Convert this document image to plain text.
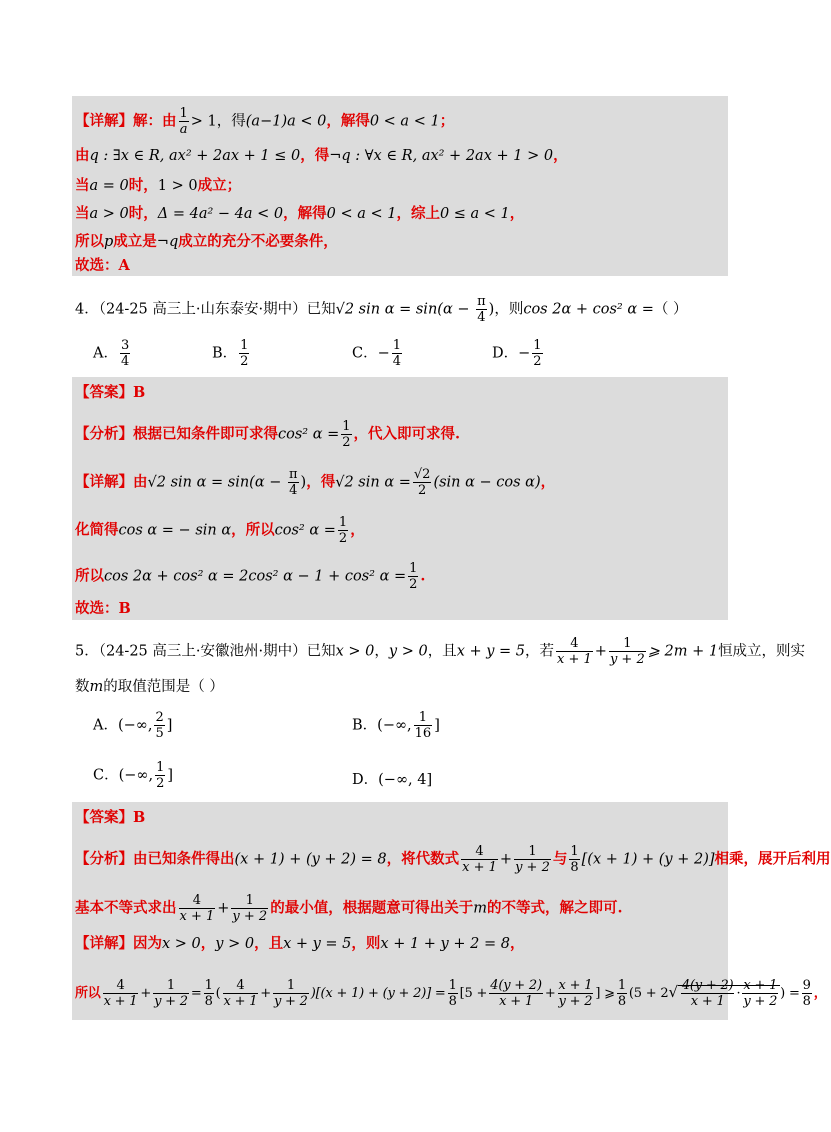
【详解】解：由 $\frac{1}{a} > 1$，得(a−1)a < 0，解得0 < a < 1；
由q : ∃x ∈ R, ax² + 2ax + 1 ≤ 0，得¬q : ∀x ∈ R, ax² + 2ax + 1 > 0，
当a = 0时，1 > 0成立；
当a > 0时，Δ = 4a² − 4a < 0，解得0 < a < 1，综上0 ≤ a < 1，
所以p成立是¬q成立的充分不必要条件，
故选：A
4．（24-25 高三上·山东泰安·期中）已知√2 $\sin \alpha = \sin(\alpha - \frac{\pi}{4}$ )，则cos 2α + cos² α =（ ）
A． $\frac{3}{4}$	B． $\frac{1}{2}$	C．− $\frac{1}{4}$	D．− $\frac{1}{2}$
【答案】B
【分析】根据已知条件即可求得cos² $\alpha = \frac{1}{2}$ ，代入即可求得.
【详解】由√2 $\sin \alpha = \sin(\alpha - \frac{\pi}{4}$ )，得√2 $\sin \alpha = \frac{√2}{2} (\sin$ α − cos α)，
化简得cos α = − sin α，所以cos² $\alpha = \frac{1}{2}$ ，
所以cos 2α + cos² α = 2cos² α − 1 + cos² $\alpha = \frac{1}{2}$ .
故选：B
5．（24-25 高三上·安徽池州·期中）已知x > 0，y > 0，且x + y = 5，若 $\frac{4}{x + 1} + \frac{1}{y + 2}$ ⩾ 2m + 1恒成立，则实
数m的取值范围是（ ）
A．(−∞, $\frac{2}{5}$ ]	B．(−∞, $\frac{1}{16}$ ]
C．(−∞, $\frac{1}{2}$ ]	D．(−∞, 4]
【答案】B
【分析】由已知条件得出(x + 1) + (y + 2) = 8，将代数式 $\frac{4}{x + 1} + \frac{1}{y + 2}$ 与 $\frac{1}{8} [(x + 1) + (y + 2)]$相乘，展开后利用
基本不等式求出 $\frac{4}{x + 1} + \frac{1}{y + 2}$ 的最小值，根据题意可得出关于m的不等式，解之即可.
【详解】因为x > 0，y > 0，且x + y = 5，则x + 1 + y + 2 = 8，
所以 $\frac{4}{x + 1} + \frac{1}{y + 2} = \frac{1}{8}$ ( $\frac{4}{x + 1} + \frac{1}{y + 2} )[(x + 1) + (y + 2)] = \frac{1}{8} [5 + \frac{4(y + 2)}{x + 1} + \frac{x + 1}{y + 2}$ ] ⩾ $\frac{1}{8} (5 + 2√ \frac{4(y + 2)}{x + 1} \cdot \frac{x + 1}{y + 2}$ ) = $\frac{9}{8}$ ，
